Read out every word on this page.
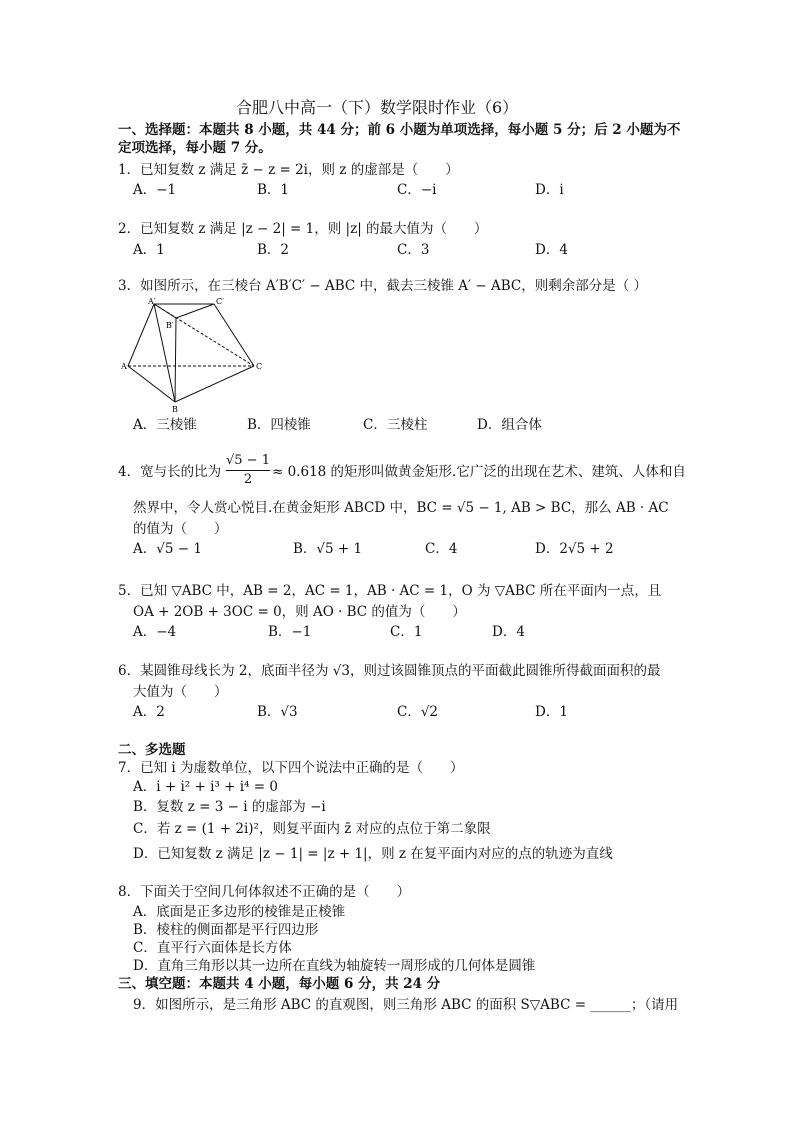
合肥八中高一（下）数学限时作业（6）
一、选择题：本题共 8 小题，共 44 分；前 6 小题为单项选择，每小题 5 分；后 2 小题为不
定项选择，每小题 7 分。
1．已知复数 z 满足 z̄ − z = 2i，则 z 的虚部是（　　）
A．−1	B．1	C．−i	D．i
2．已知复数 z 满足 |z − 2| = 1，则 |z| 的最大值为（　　）
A．1	B．2	C．3	D．4
3．如图所示，在三棱台 A′B′C′ − ABC 中，截去三棱锥 A′ − ABC，则剩余部分是（ ）
A′	C′
B′
A	C
B
A．三棱锥	B．四棱锥	C．三棱柱	D．组合体
4．宽与长的比为
√5 − 1
2	≈ 0.618 的矩形叫做黄金矩形.它广泛的出现在艺术、建筑、人体和自
然界中，令人赏心悦目.在黄金矩形 ABCD 中，BC = √5 − 1, AB > BC，那么 AB · AC
的值为（　　）
A．√5 − 1	B．√5 + 1	C．4	D．2√5 + 2
5．已知 ▽ABC 中，AB = 2，AC = 1，AB · AC = 1，O 为 ▽ABC 所在平面内一点，且
OA + 2OB + 3OC = 0，则 AO · BC 的值为（　　）
A．−4	B．−1	C．1	D．4
6．某圆锥母线长为 2，底面半径为 √3，则过该圆锥顶点的平面截此圆锥所得截面面积的最
大值为（　　）
A．2	B．√3	C．√2	D．1
二、多选题
7．已知 i 为虚数单位，以下四个说法中正确的是（　　）
A．i + i² + i³ + i⁴ = 0
B．复数 z = 3 − i 的虚部为 −i
C．若 z = (1 + 2i)²，则复平面内 z̄ 对应的点位于第二象限
D．已知复数 z 满足 |z − 1| = |z + 1|，则 z 在复平面内对应的点的轨迹为直线
8．下面关于空间几何体叙述不正确的是（　　）
A．底面是正多边形的棱锥是正棱锥
B．棱柱的侧面都是平行四边形
C．直平行六面体是长方体
D．直角三角形以其一边所在直线为轴旋转一周形成的几何体是圆锥
三、填空题：本题共 4 小题，每小题 6 分，共 24 分
9．如图所示，是三角形 ABC 的直观图，则三角形 ABC 的面积 S▽ABC = ______；（请用
